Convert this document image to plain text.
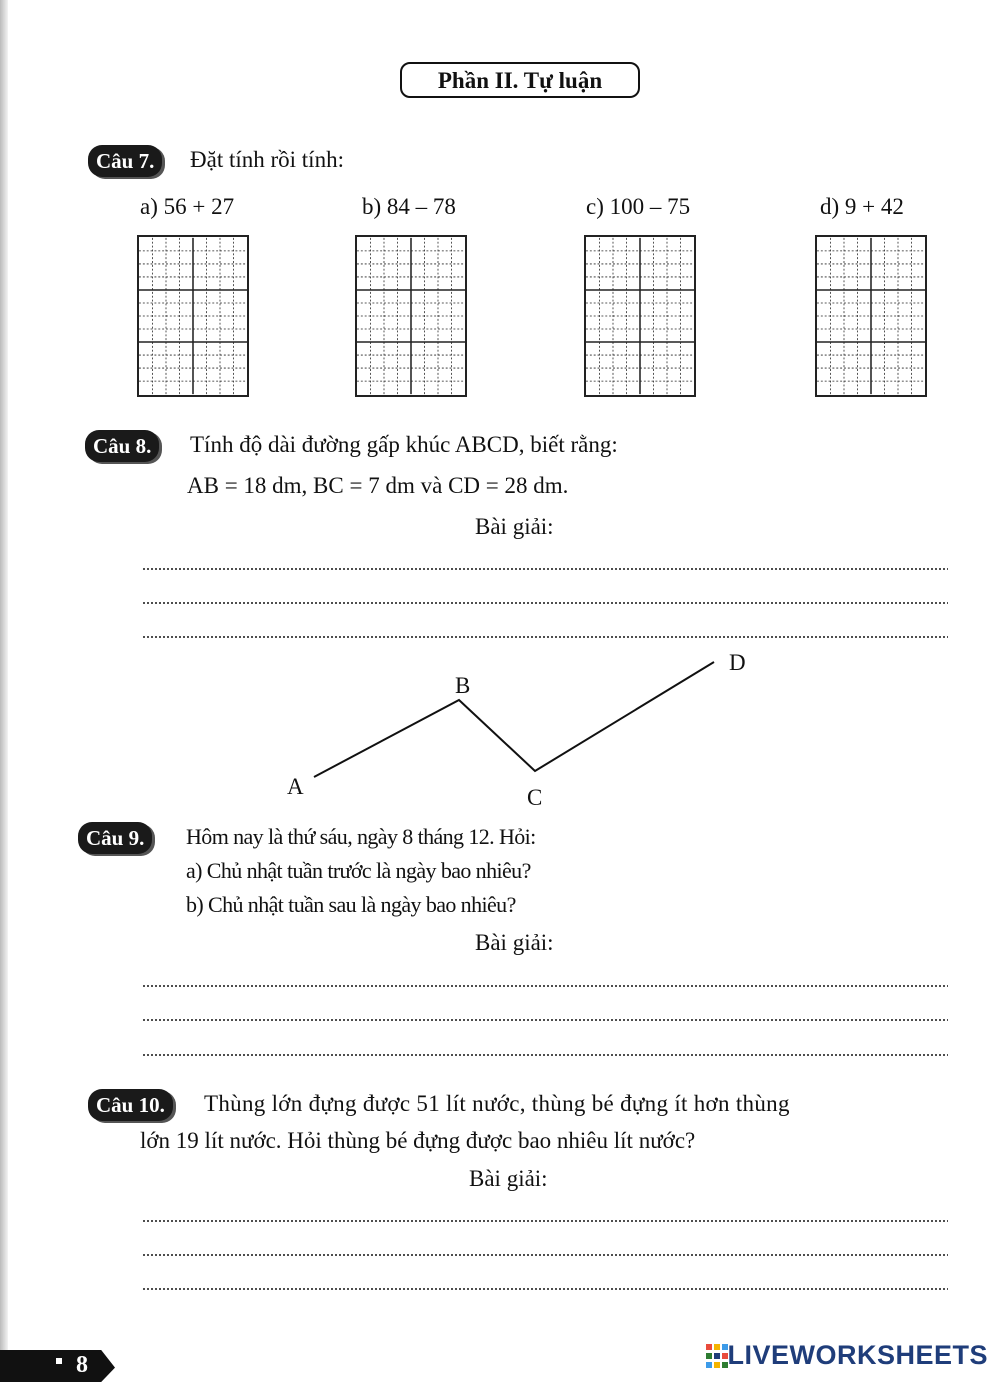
Phần II. Tự luận
Câu 7.	Đặt tính rồi tính:
a) 56 + 27	b) 84 – 78	c) 100 – 75	d) 9 + 42
Câu 8.	Tính độ dài đường gấp khúc ABCD, biết rằng:
AB = 18 dm, BC = 7 dm và CD = 28 dm.
Bài giải:
A
B
C
D
Câu 9.	Hôm nay là thứ sáu, ngày 8 tháng 12. Hỏi:
a) Chủ nhật tuần trước là ngày bao nhiêu?
b) Chủ nhật tuần sau là ngày bao nhiêu?
Bài giải:
Câu 10.	Thùng lớn đựng được 51 lít nước, thùng bé đựng ít hơn thùng
lớn 19 lít nước. Hỏi thùng bé đựng được bao nhiêu lít nước?
Bài giải:
8	LIVEWORKSHEETS
